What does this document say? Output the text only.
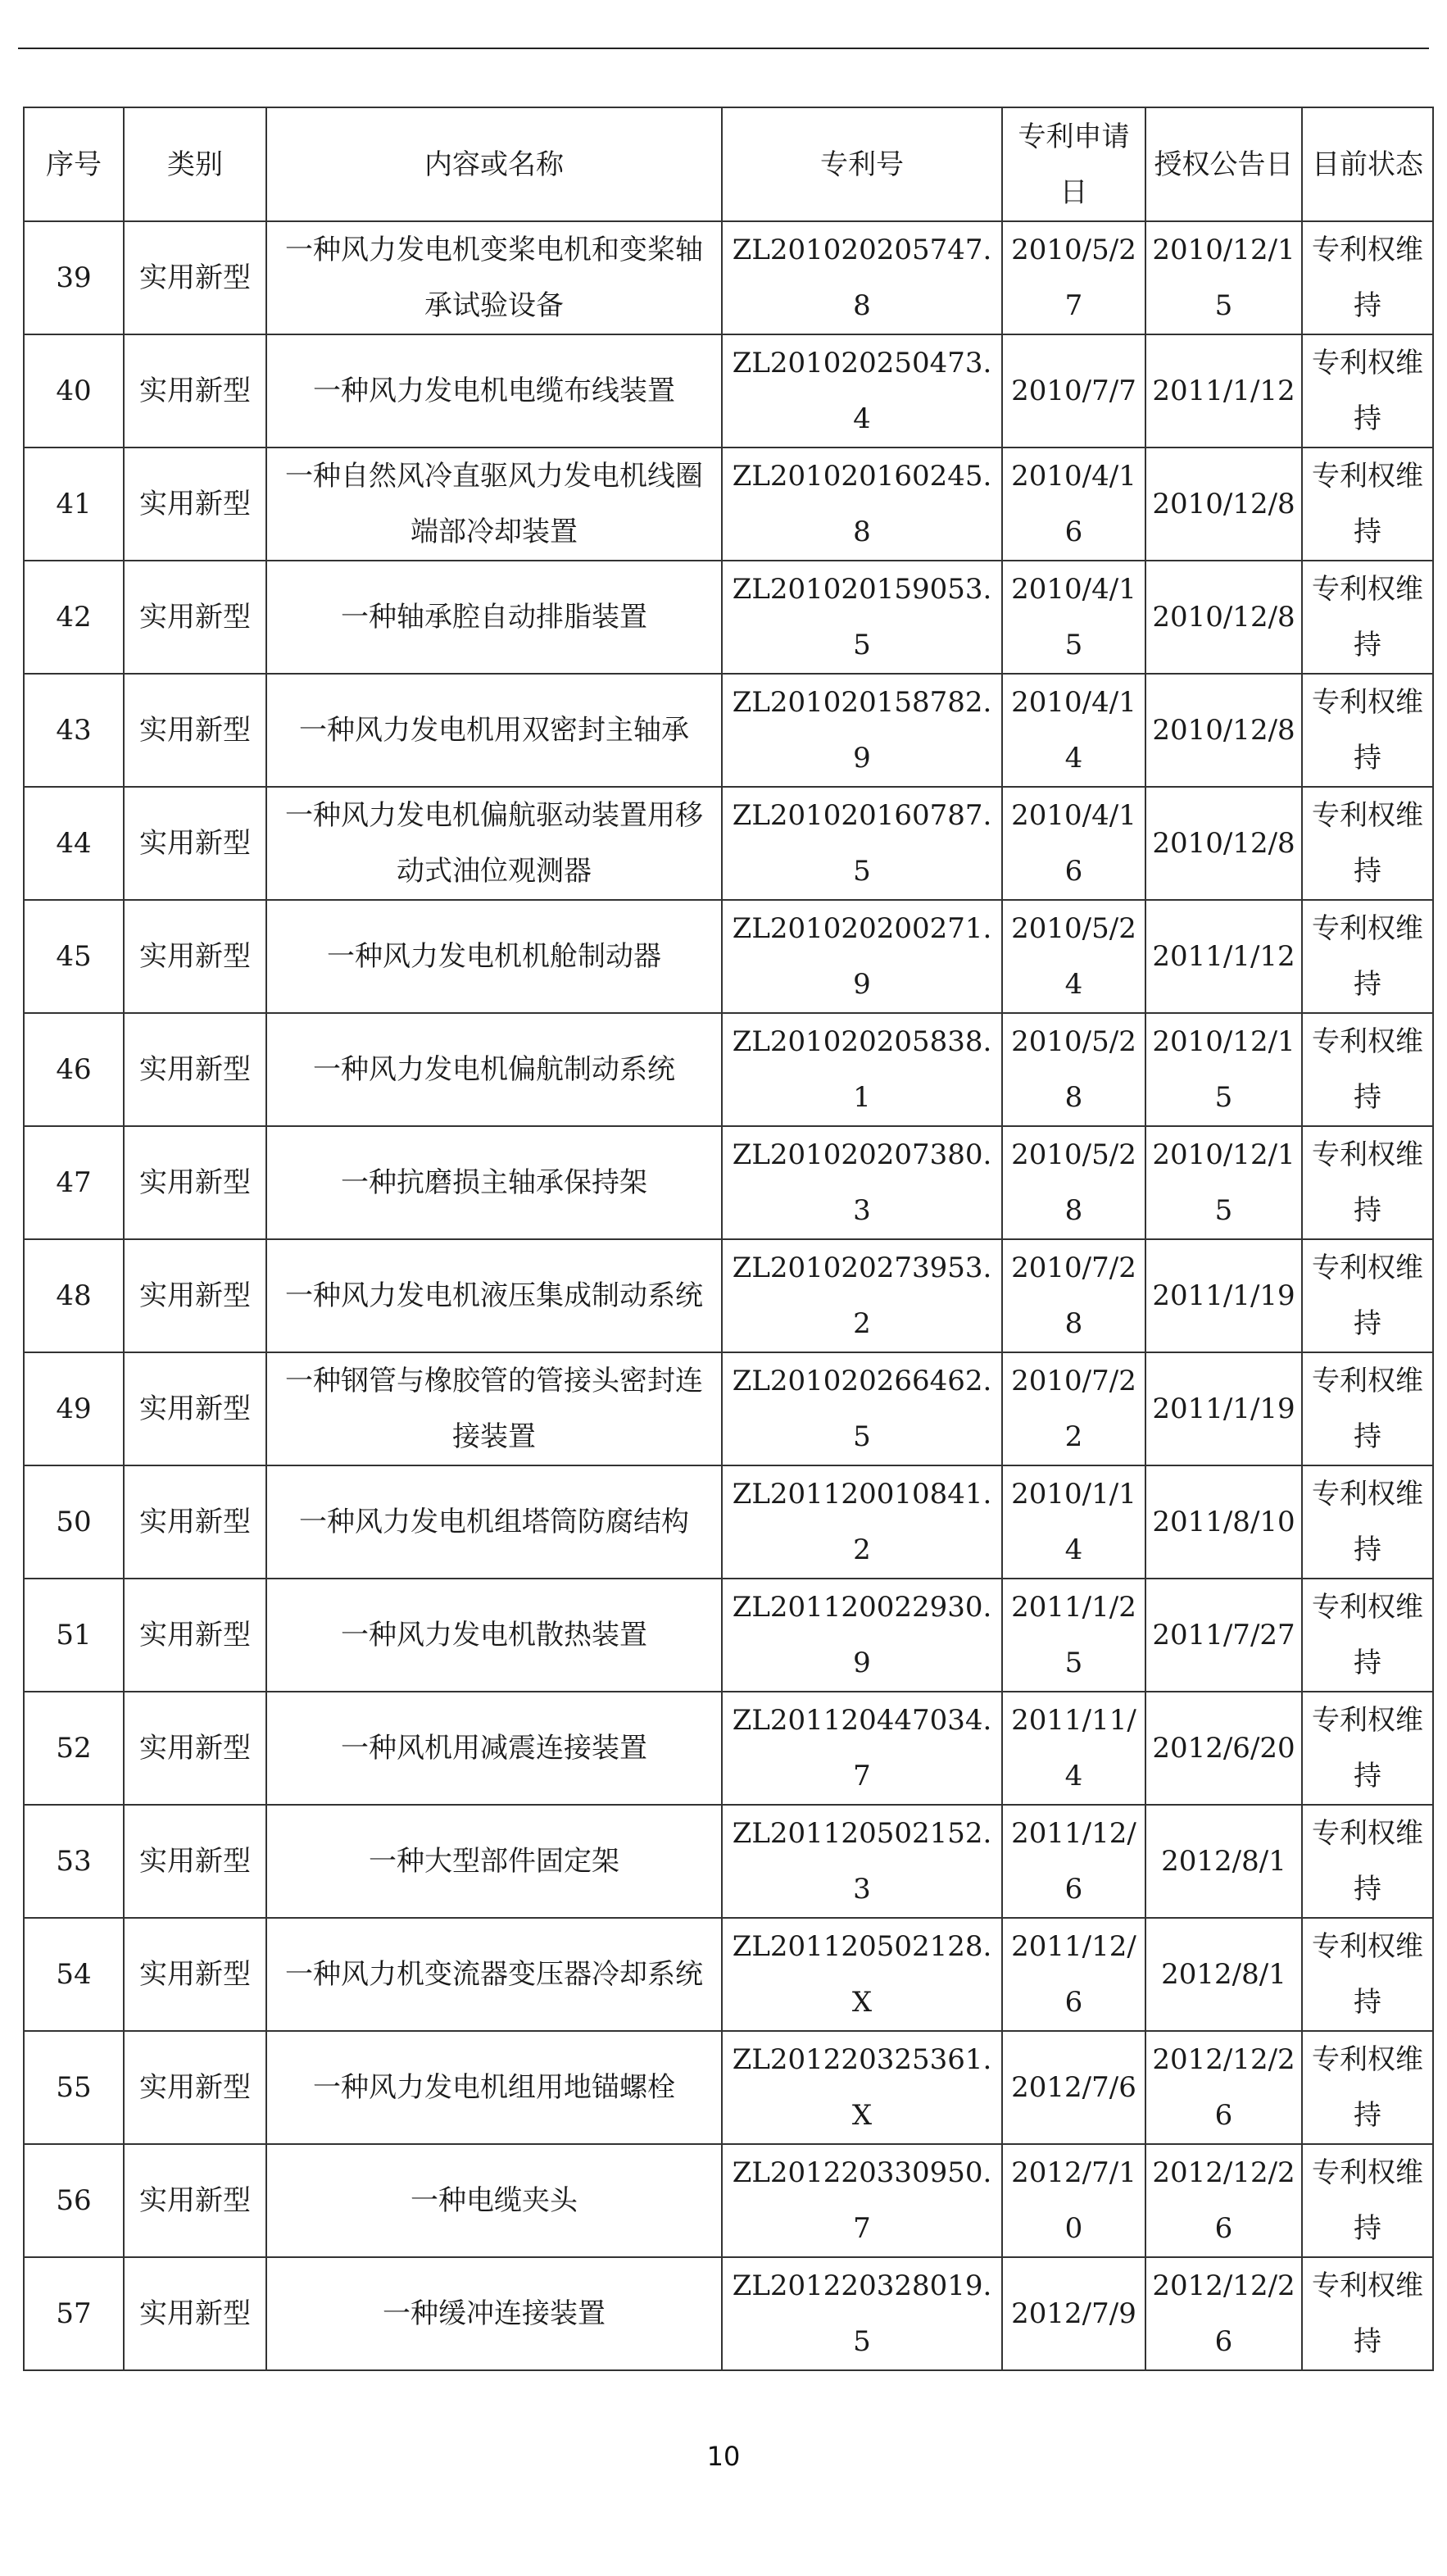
序号	类别	内容或名称	专利号	专利申请日	授权公告日	目前状态
39	实用新型	一种风力发电机变桨电机和变桨轴承试验设备	ZL201020205747.8	2010/5/27	2010/12/15	专利权维持
40	实用新型	一种风力发电机电缆布线装置	ZL201020250473.4	2010/7/7	2011/1/12	专利权维持
41	实用新型	一种自然风冷直驱风力发电机线圈端部冷却装置	ZL201020160245.8	2010/4/16	2010/12/8	专利权维持
42	实用新型	一种轴承腔自动排脂装置	ZL201020159053.5	2010/4/15	2010/12/8	专利权维持
43	实用新型	一种风力发电机用双密封主轴承	ZL201020158782.9	2010/4/14	2010/12/8	专利权维持
44	实用新型	一种风力发电机偏航驱动装置用移动式油位观测器	ZL201020160787.5	2010/4/16	2010/12/8	专利权维持
45	实用新型	一种风力发电机机舱制动器	ZL201020200271.9	2010/5/24	2011/1/12	专利权维持
46	实用新型	一种风力发电机偏航制动系统	ZL201020205838.1	2010/5/28	2010/12/15	专利权维持
47	实用新型	一种抗磨损主轴承保持架	ZL201020207380.3	2010/5/28	2010/12/15	专利权维持
48	实用新型	一种风力发电机液压集成制动系统	ZL201020273953.2	2010/7/28	2011/1/19	专利权维持
49	实用新型	一种钢管与橡胶管的管接头密封连接装置	ZL201020266462.5	2010/7/22	2011/1/19	专利权维持
50	实用新型	一种风力发电机组塔筒防腐结构	ZL201120010841.2	2010/1/14	2011/8/10	专利权维持
51	实用新型	一种风力发电机散热装置	ZL201120022930.9	2011/1/25	2011/7/27	专利权维持
52	实用新型	一种风机用减震连接装置	ZL201120447034.7	2011/11/4	2012/6/20	专利权维持
53	实用新型	一种大型部件固定架	ZL201120502152.3	2011/12/6	2012/8/1	专利权维持
54	实用新型	一种风力机变流器变压器冷却系统	ZL201120502128.X	2011/12/6	2012/8/1	专利权维持
55	实用新型	一种风力发电机组用地锚螺栓	ZL201220325361.X	2012/7/6	2012/12/26	专利权维持
56	实用新型	一种电缆夹头	ZL201220330950.7	2012/7/10	2012/12/26	专利权维持
57	实用新型	一种缓冲连接装置	ZL201220328019.5	2012/7/9	2012/12/26	专利权维持
10
